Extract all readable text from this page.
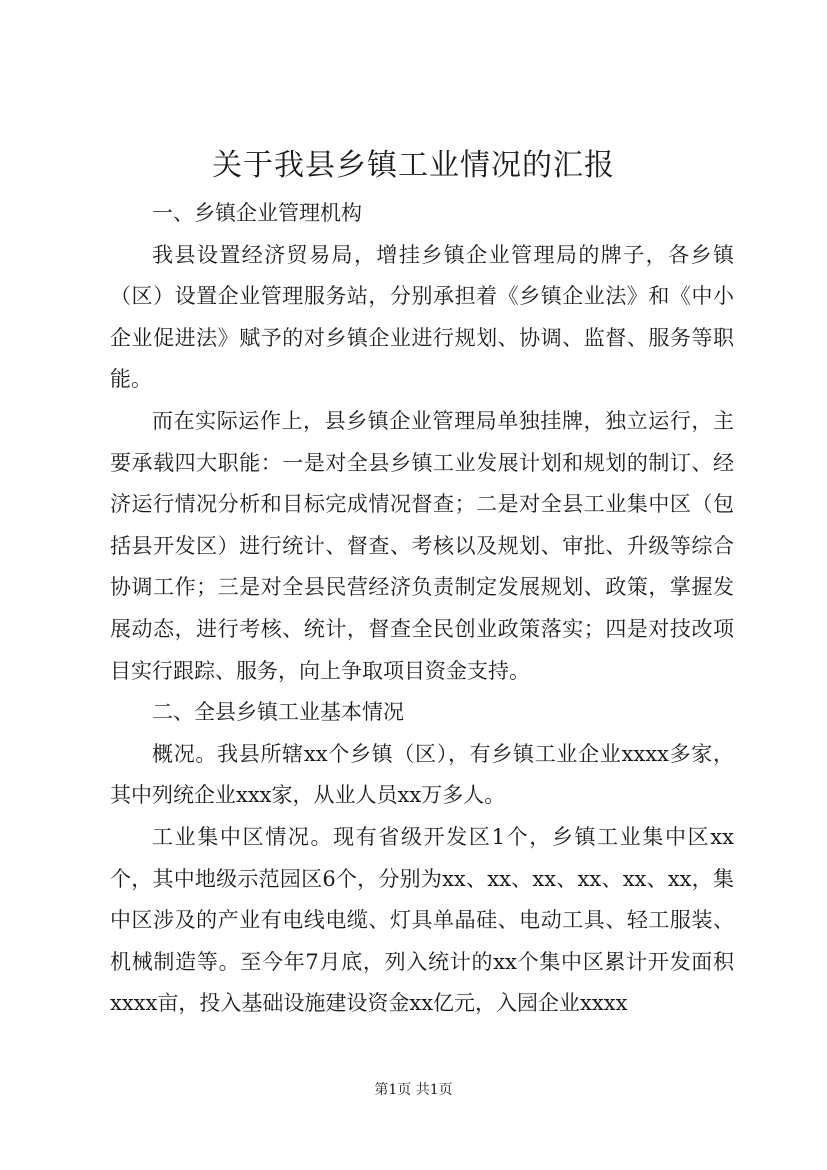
关于我县乡镇工业情况的汇报

一、乡镇企业管理机构

我县设置经济贸易局，增挂乡镇企业管理局的牌子，各乡镇（区）设置企业管理服务站，分别承担着《乡镇企业法》和《中小企业促进法》赋予的对乡镇企业进行规划、协调、监督、服务等职能。

而在实际运作上，县乡镇企业管理局单独挂牌，独立运行，主要承载四大职能：一是对全县乡镇工业发展计划和规划的制订、经济运行情况分析和目标完成情况督查；二是对全县工业集中区（包括县开发区）进行统计、督查、考核以及规划、审批、升级等综合协调工作；三是对全县民营经济负责制定发展规划、政策，掌握发展动态，进行考核、统计，督查全民创业政策落实；四是对技改项目实行跟踪、服务，向上争取项目资金支持。

二、全县乡镇工业基本情况

概况。我县所辖xx个乡镇（区），有乡镇工业企业xxxx多家，其中列统企业xxx家，从业人员xx万多人。

工业集中区情况。现有省级开发区1个，乡镇工业集中区xx个，其中地级示范园区6个，分别为xx、xx、xx、xx、xx、xx，集中区涉及的产业有电线电缆、灯具单晶硅、电动工具、轻工服装、机械制造等。至今年7月底，列入统计的xx个集中区累计开发面积xxxx亩，投入基础设施建设资金xx亿元，入园企业xxxx

第1页 共1页
